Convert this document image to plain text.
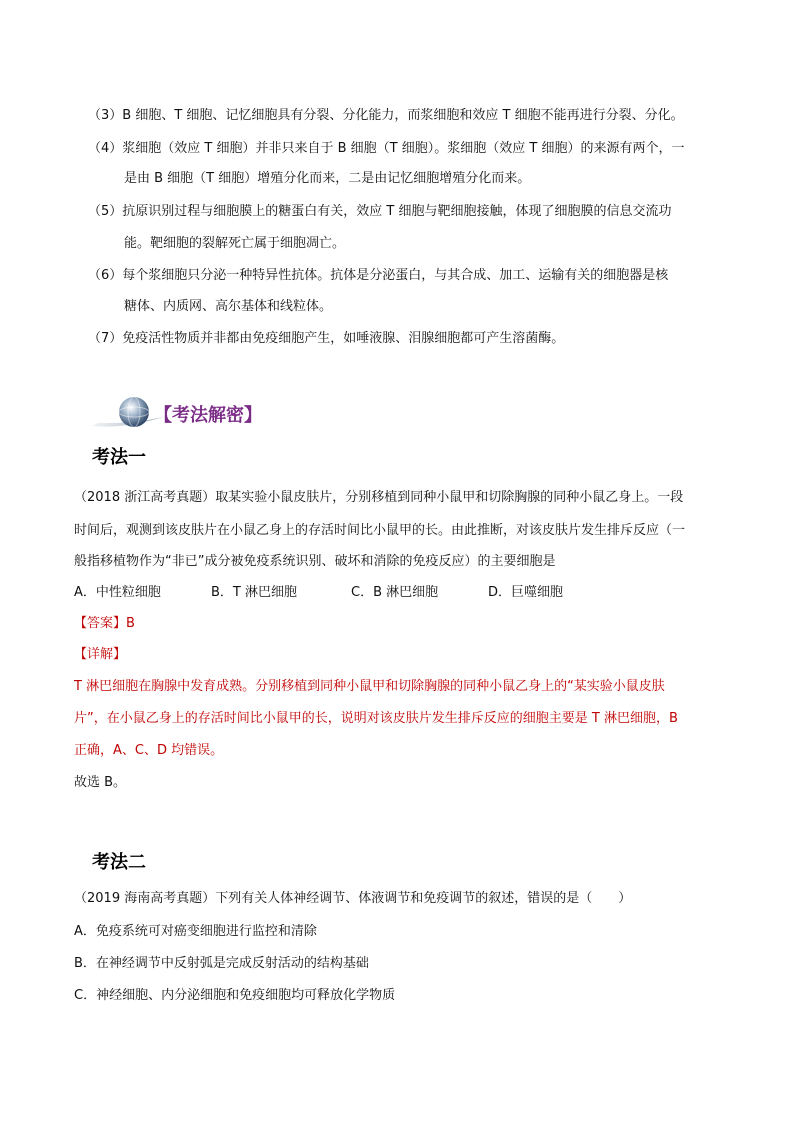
（3）B 细胞、T 细胞、记忆细胞具有分裂、分化能力，而浆细胞和效应 T 细胞不能再进行分裂、分化。
（4）浆细胞（效应 T 细胞）并非只来自于 B 细胞（T 细胞）。浆细胞（效应 T 细胞）的来源有两个，一
是由 B 细胞（T 细胞）增殖分化而来，二是由记忆细胞增殖分化而来。
（5）抗原识别过程与细胞膜上的糖蛋白有关，效应 T 细胞与靶细胞接触，体现了细胞膜的信息交流功
能。靶细胞的裂解死亡属于细胞凋亡。
（6）每个浆细胞只分泌一种特异性抗体。抗体是分泌蛋白，与其合成、加工、运输有关的细胞器是核
糖体、内质网、高尔基体和线粒体。
（7）免疫活性物质并非都由免疫细胞产生，如唾液腺、泪腺细胞都可产生溶菌酶。
【考法解密】
考法一
（2018 浙江高考真题）取某实验小鼠皮肤片，分别移植到同种小鼠甲和切除胸腺的同种小鼠乙身上。一段
时间后，观测到该皮肤片在小鼠乙身上的存活时间比小鼠甲的长。由此推断，对该皮肤片发生排斥反应（一
般指移植物作为“非已”成分被免疫系统识别、破坏和消除的免疫反应）的主要细胞是
A．中性粒细胞	B．T 淋巴细胞	C．B 淋巴细胞	D．巨噬细胞
【答案】B
【详解】
T 淋巴细胞在胸腺中发育成熟。分别移植到同种小鼠甲和切除胸腺的同种小鼠乙身上的“某实验小鼠皮肤
片”，在小鼠乙身上的存活时间比小鼠甲的长，说明对该皮肤片发生排斥反应的细胞主要是 T 淋巴细胞，B
正确，A、C、D 均错误。
故选 B。
考法二
（2019 海南高考真题）下列有关人体神经调节、体液调节和免疫调节的叙述，错误的是（　　）
A．免疫系统可对癌变细胞进行监控和清除
B．在神经调节中反射弧是完成反射活动的结构基础
C．神经细胞、内分泌细胞和免疫细胞均可释放化学物质
